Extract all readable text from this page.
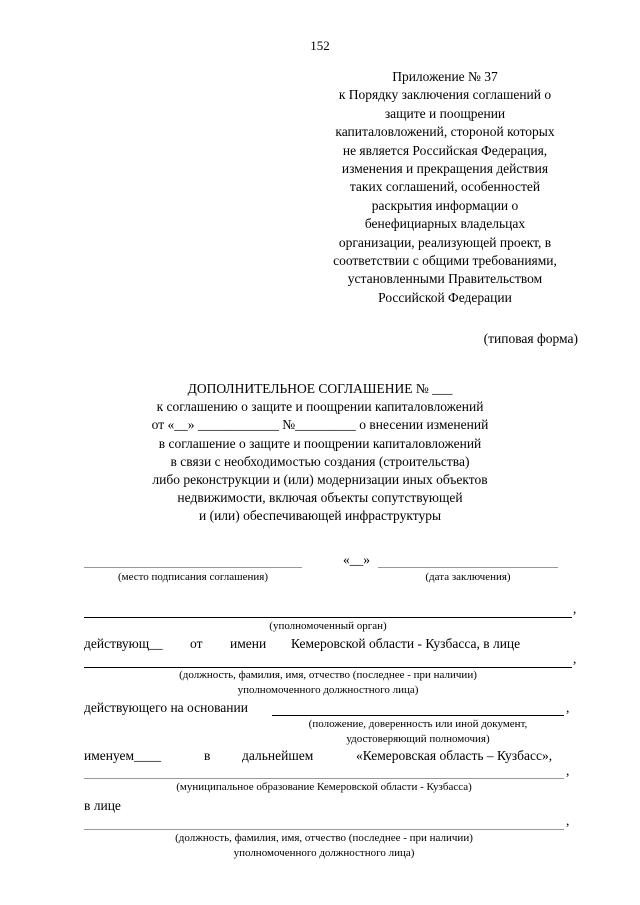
152
Приложение № 37
к Порядку заключения соглашений о
защите и поощрении
капиталовложений, стороной которых
не является Российская Федерация,
изменения и прекращения действия
таких соглашений, особенностей
раскрытия информации о
бенефициарных владельцах
организации, реализующей проект, в
соответствии с общими требованиями,
установленными Правительством
Российской Федерации
(типовая форма)
ДОПОЛНИТЕЛЬНОЕ СОГЛАШЕНИЕ № ___
к соглашению о защите и поощрении капиталовложений
от «__» ____________ №_________ о внесении изменений
в соглашение о защите и поощрении капиталовложений
в связи с необходимостью создания (строительства)
либо реконструкции и (или) модернизации иных объектов
недвижимости, включая объекты сопутствующей
и (или) обеспечивающей инфраструктуры
(место подписания соглашения)
«__»
(дата заключения)
,
(уполномоченный орган)
действующ__ от имени Кемеровской области - Кузбасса, в лице
,
(должность, фамилия, имя, отчество (последнее - при наличии)
уполномоченного должностного лица)
действующего на основании	,
(положение, доверенность или иной документ,
удостоверяющий полномочия)
именуем____	в дальнейшем	«Кемеровская область – Кузбасс»,
,
(муниципальное образование Кемеровской области - Кузбасса)
в лице
,
(должность, фамилия, имя, отчество (последнее - при наличии)
уполномоченного должностного лица)
